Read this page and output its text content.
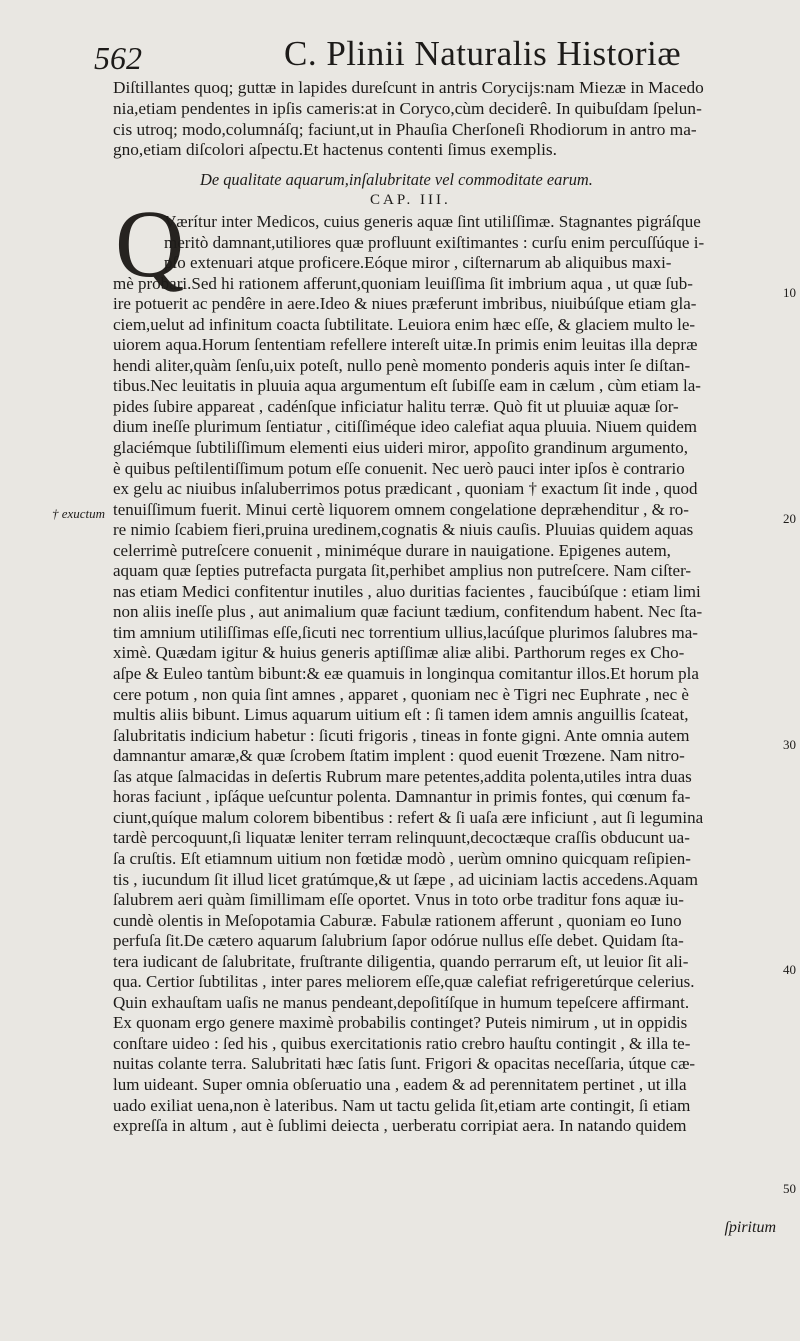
562	C. Plinii Naturalis Historiæ
Diſtillantes quoq; guttæ in lapides dureſcunt in antris Corycijs:nam Miezæ in Macedo
nia,etiam pendentes in ipſis cameris:at in Coryco,cùm deciderê. In quibuſdam ſpelun-
cis utroq; modo,columnáſq; faciunt,ut in Phauſia Cherſoneſi Rhodiorum in antro ma-
gno,etiam diſcolori aſpectu.Et hactenus contenti ſimus exemplis.
De qualitate aquarum,inſalubritate vel commoditate earum.
CAP. III.
Q
Værítur inter Medicos, cuius generis aquæ ſint utiliſſimæ. Stagnantes pigráſque
meritò damnant,utiliores quæ profluunt exiſtimantes : curſu enim percuſſúque i-
pſo extenuari atque proficere.Eóque miror , ciſternarum ab aliquibus maxi-
mè probari.Sed hi rationem afferunt,quoniam leuiſſima ſit imbrium aqua , ut quæ ſub-
ire potuerit ac pendêre in aere.Ideo & niues præferunt imbribus, niuibúſque etiam gla-
ciem,uelut ad infinitum coacta ſubtilitate. Leuiora enim hæc eſſe, & glaciem multo le-
uiorem aqua.Horum ſententiam refellere intereſt uitæ.In primis enim leuitas illa depræ
hendi aliter,quàm ſenſu,uix poteſt, nullo penè momento ponderis aquis inter ſe diſtan-
tibus.Nec leuitatis in pluuia aqua argumentum eſt ſubiſſe eam in cælum , cùm etiam la-
pides ſubire appareat , cadénſque inficiatur halitu terræ. Quò fit ut pluuiæ aquæ ſor-
dium ineſſe plurimum ſentiatur , citiſſiméque ideo calefiat aqua pluuia. Niuem quidem
glaciémque ſubtiliſſimum elementi eius uideri miror, appoſito grandinum argumento,
è quibus peſtilentiſſimum potum eſſe conuenit. Nec uerò pauci inter ipſos è contrario
ex gelu ac niuibus inſaluberrimos potus prædicant , quoniam † exactum ſit inde , quod
tenuiſſimum fuerit. Minui certè liquorem omnem congelatione depræhenditur , & ro-
re nimio ſcabiem fieri,pruina uredinem,cognatis & niuis cauſis. Pluuias quidem aquas
celerrimè putreſcere conuenit , miniméque durare in nauigatione. Epigenes autem,
aquam quæ ſepties putrefacta purgata ſit,perhibet amplius non putreſcere. Nam ciſter-
nas etiam Medici confitentur inutiles , aluo duritias facientes , faucibúſque : etiam limi
non aliis ineſſe plus , aut animalium quæ faciunt tædium, confitendum habent. Nec ſta-
tim amnium utiliſſimas eſſe,ſicuti nec torrentium ullius,lacúſque plurimos ſalubres ma-
ximè. Quædam igitur & huius generis aptiſſimæ aliæ alibi. Parthorum reges ex Cho-
aſpe & Euleo tantùm bibunt:& eæ quamuis in longinqua comitantur illos.Et horum pla
cere potum , non quia ſint amnes , apparet , quoniam nec è Tigri nec Euphrate , nec è
multis aliis bibunt. Limus aquarum uitium eſt : ſi tamen idem amnis anguillis ſcateat,
ſalubritatis indicium habetur : ſicuti frigoris , tineas in fonte gigni. Ante omnia autem
damnantur amaræ,& quæ ſcrobem ſtatim implent : quod euenit Trœzene. Nam nitro-
ſas atque ſalmacidas in deſertis Rubrum mare petentes,addita polenta,utiles intra duas
horas faciunt , ipſáque ueſcuntur polenta. Damnantur in primis fontes, qui cœnum fa-
ciunt,quíque malum colorem bibentibus : refert & ſi uaſa ære inficiunt , aut ſi legumina
tardè percoquunt,ſi liquatæ leniter terram relinquunt,decoctæque craſſis obducunt ua-
ſa cruſtis. Eſt etiamnum uitium non fœtidæ modò , uerùm omnino quicquam reſipien-
tis , iucundum ſit illud licet gratúmque,& ut ſæpe , ad uiciniam lactis accedens.Aquam
ſalubrem aeri quàm ſimillimam eſſe oportet. Vnus in toto orbe traditur fons aquæ iu-
cundè olentis in Meſopotamia Caburæ. Fabulæ rationem afferunt , quoniam eo Iuno
perfuſa ſit.De cætero aquarum ſalubrium ſapor odórue nullus eſſe debet. Quidam ſta-
tera iudicant de ſalubritate, fruſtrante diligentia, quando perrarum eſt, ut leuior ſit ali-
qua. Certior ſubtilitas , inter pares meliorem eſſe,quæ calefiat refrigeretúrque celerius.
Quin exhauſtam uaſis ne manus pendeant,depoſitíſque in humum tepeſcere affirmant.
Ex quonam ergo genere maximè probabilis continget? Puteis nimirum , ut in oppidis
conſtare uideo : ſed his , quibus exercitationis ratio crebro hauſtu contingit , & illa te-
nuitas colante terra. Salubritati hæc ſatis ſunt. Frigori & opacitas neceſſaria, útque cæ-
lum uideant. Super omnia obſeruatio una , eadem & ad perennitatem pertinet , ut illa
uado exiliat uena,non è lateribus. Nam ut tactu gelida ſit,etiam arte contingit, ſi etiam
expreſſa in altum , aut è ſublimi deiecta , uerberatu corripiat aera. In natando quidem
† exuctum
10
20
30
40
50
ſpiritum
